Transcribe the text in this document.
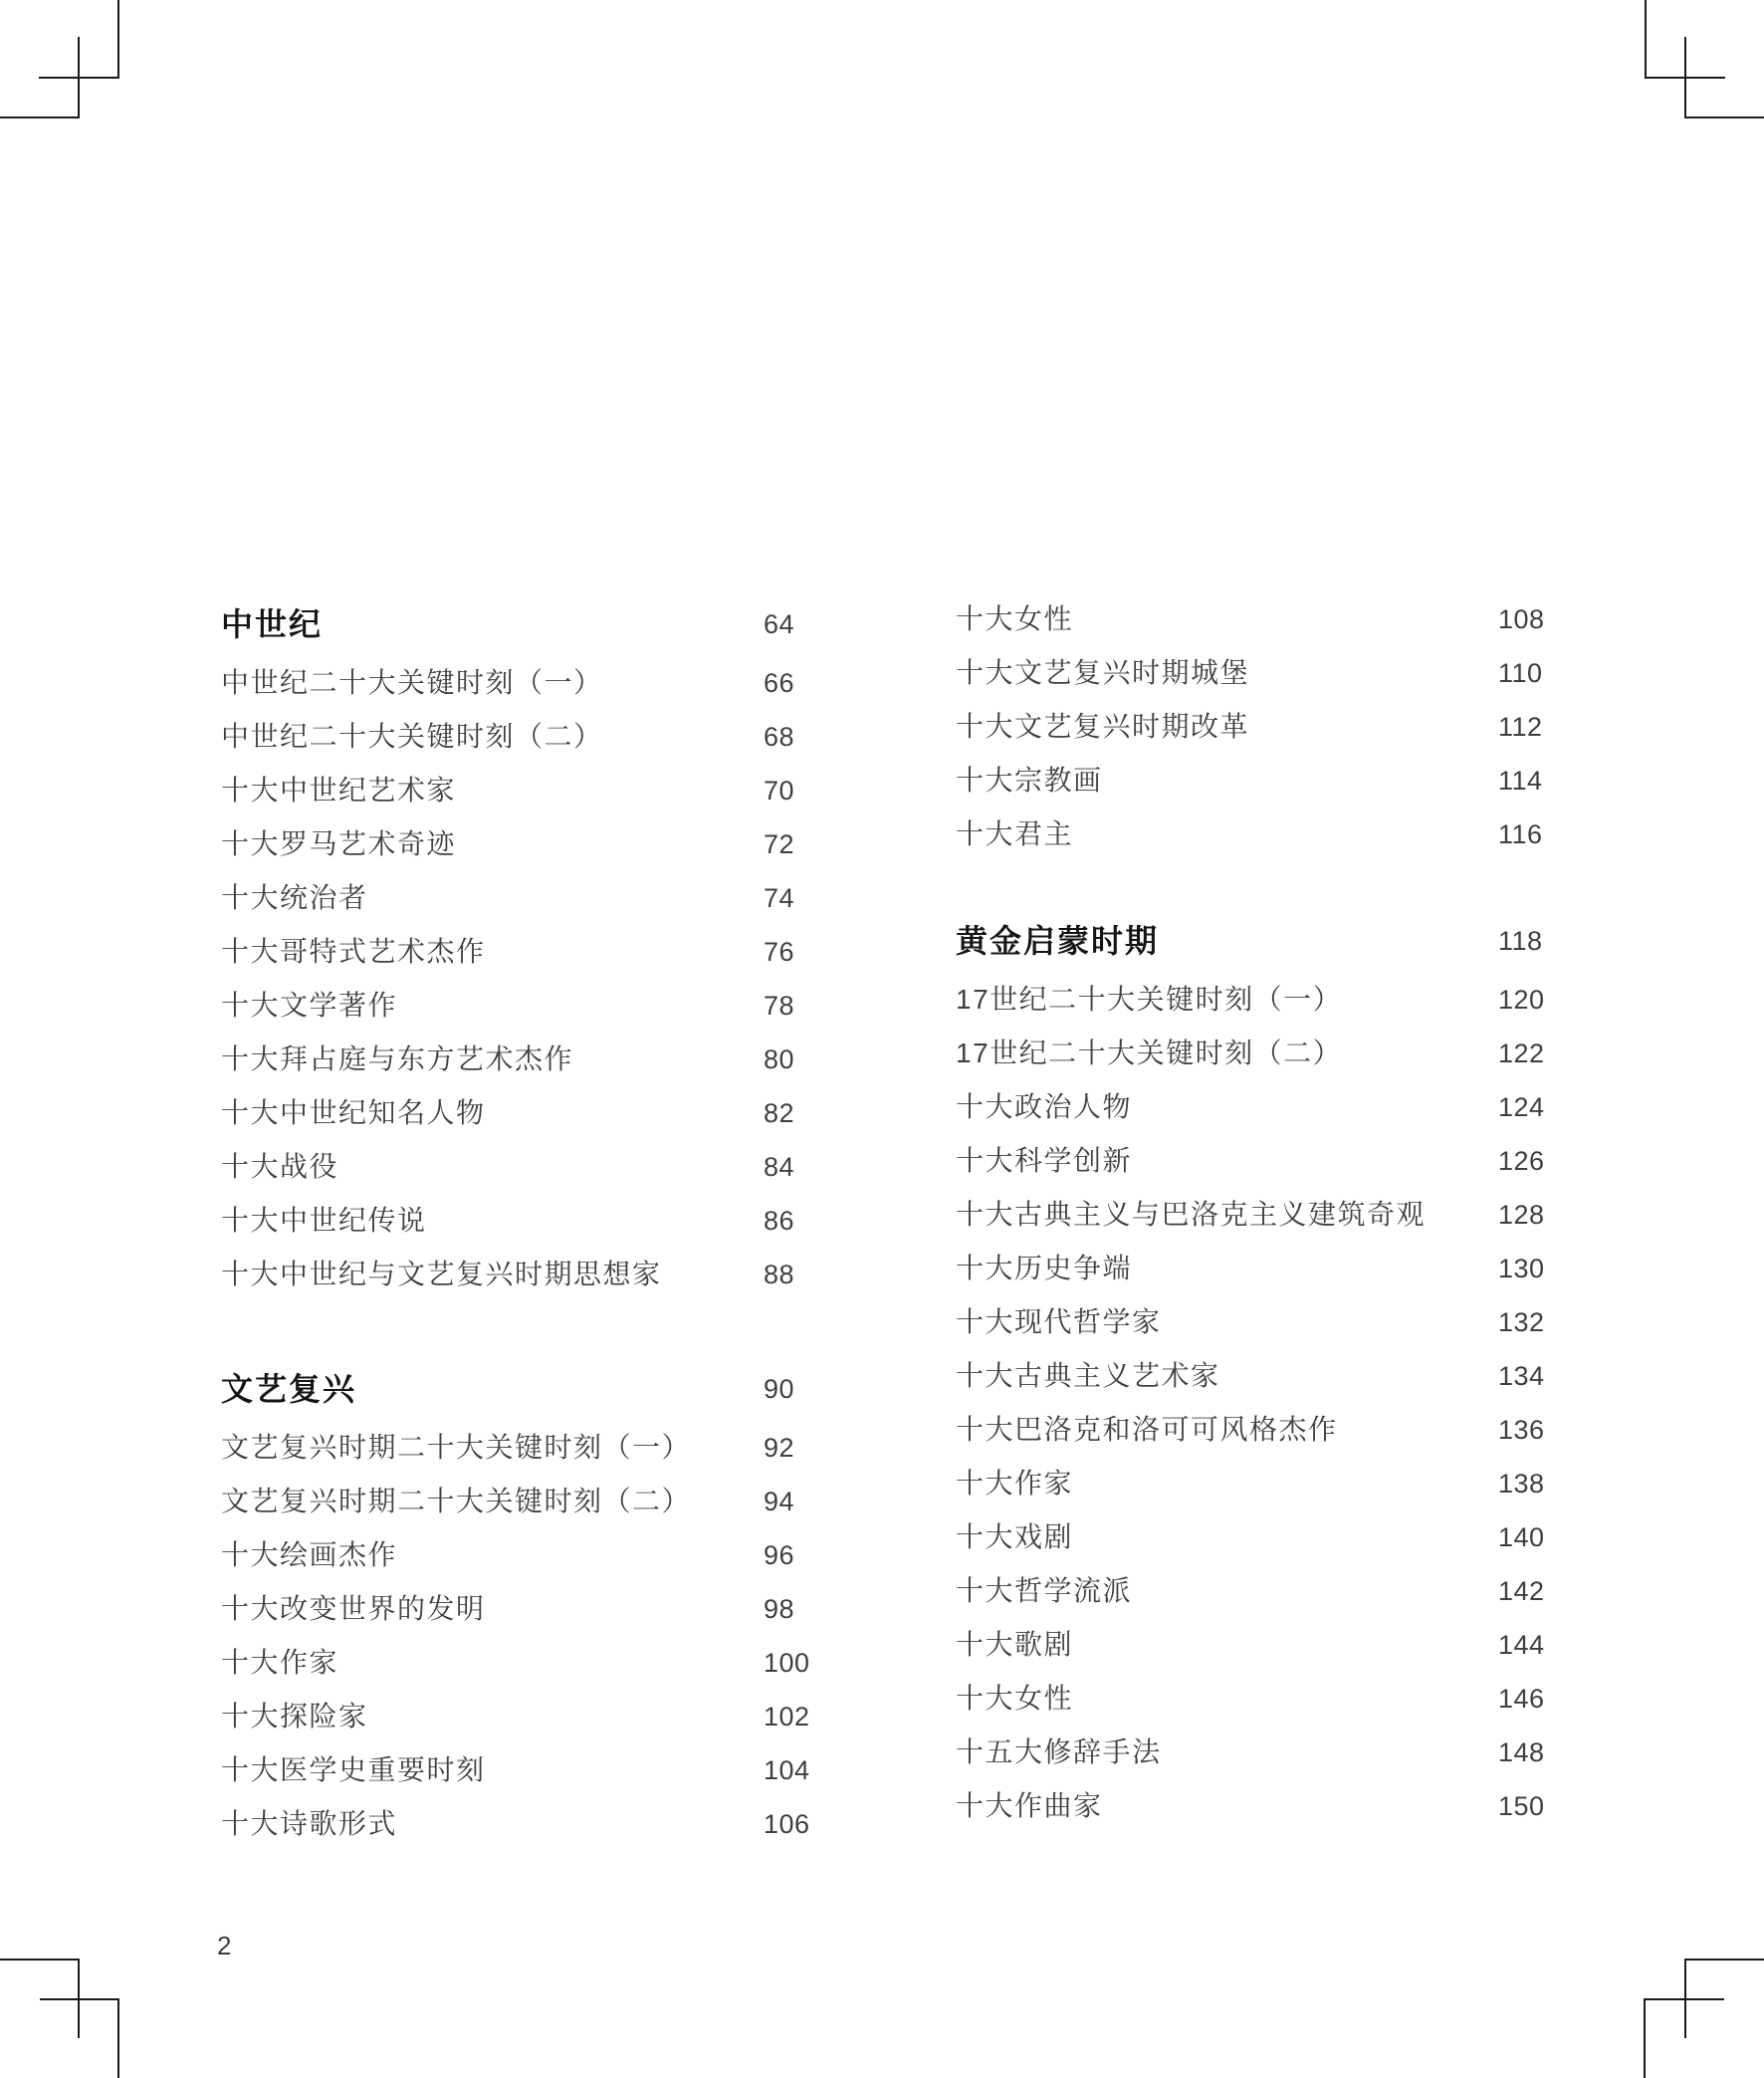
中世纪	64
中世纪二十大关键时刻（一）	66
中世纪二十大关键时刻（二）	68
十大中世纪艺术家	70
十大罗马艺术奇迹	72
十大统治者	74
十大哥特式艺术杰作	76
十大文学著作	78
十大拜占庭与东方艺术杰作	80
十大中世纪知名人物	82
十大战役	84
十大中世纪传说	86
十大中世纪与文艺复兴时期思想家	88
文艺复兴	90
文艺复兴时期二十大关键时刻（一）	92
文艺复兴时期二十大关键时刻（二）	94
十大绘画杰作	96
十大改变世界的发明	98
十大作家	100
十大探险家	102
十大医学史重要时刻	104
十大诗歌形式	106
十大女性	108
十大文艺复兴时期城堡	110
十大文艺复兴时期改革	112
十大宗教画	114
十大君主	116
黄金启蒙时期	118
17世纪二十大关键时刻（一）	120
17世纪二十大关键时刻（二）	122
十大政治人物	124
十大科学创新	126
十大古典主义与巴洛克主义建筑奇观	128
十大历史争端	130
十大现代哲学家	132
十大古典主义艺术家	134
十大巴洛克和洛可可风格杰作	136
十大作家	138
十大戏剧	140
十大哲学流派	142
十大歌剧	144
十大女性	146
十五大修辞手法	148
十大作曲家	150
2
